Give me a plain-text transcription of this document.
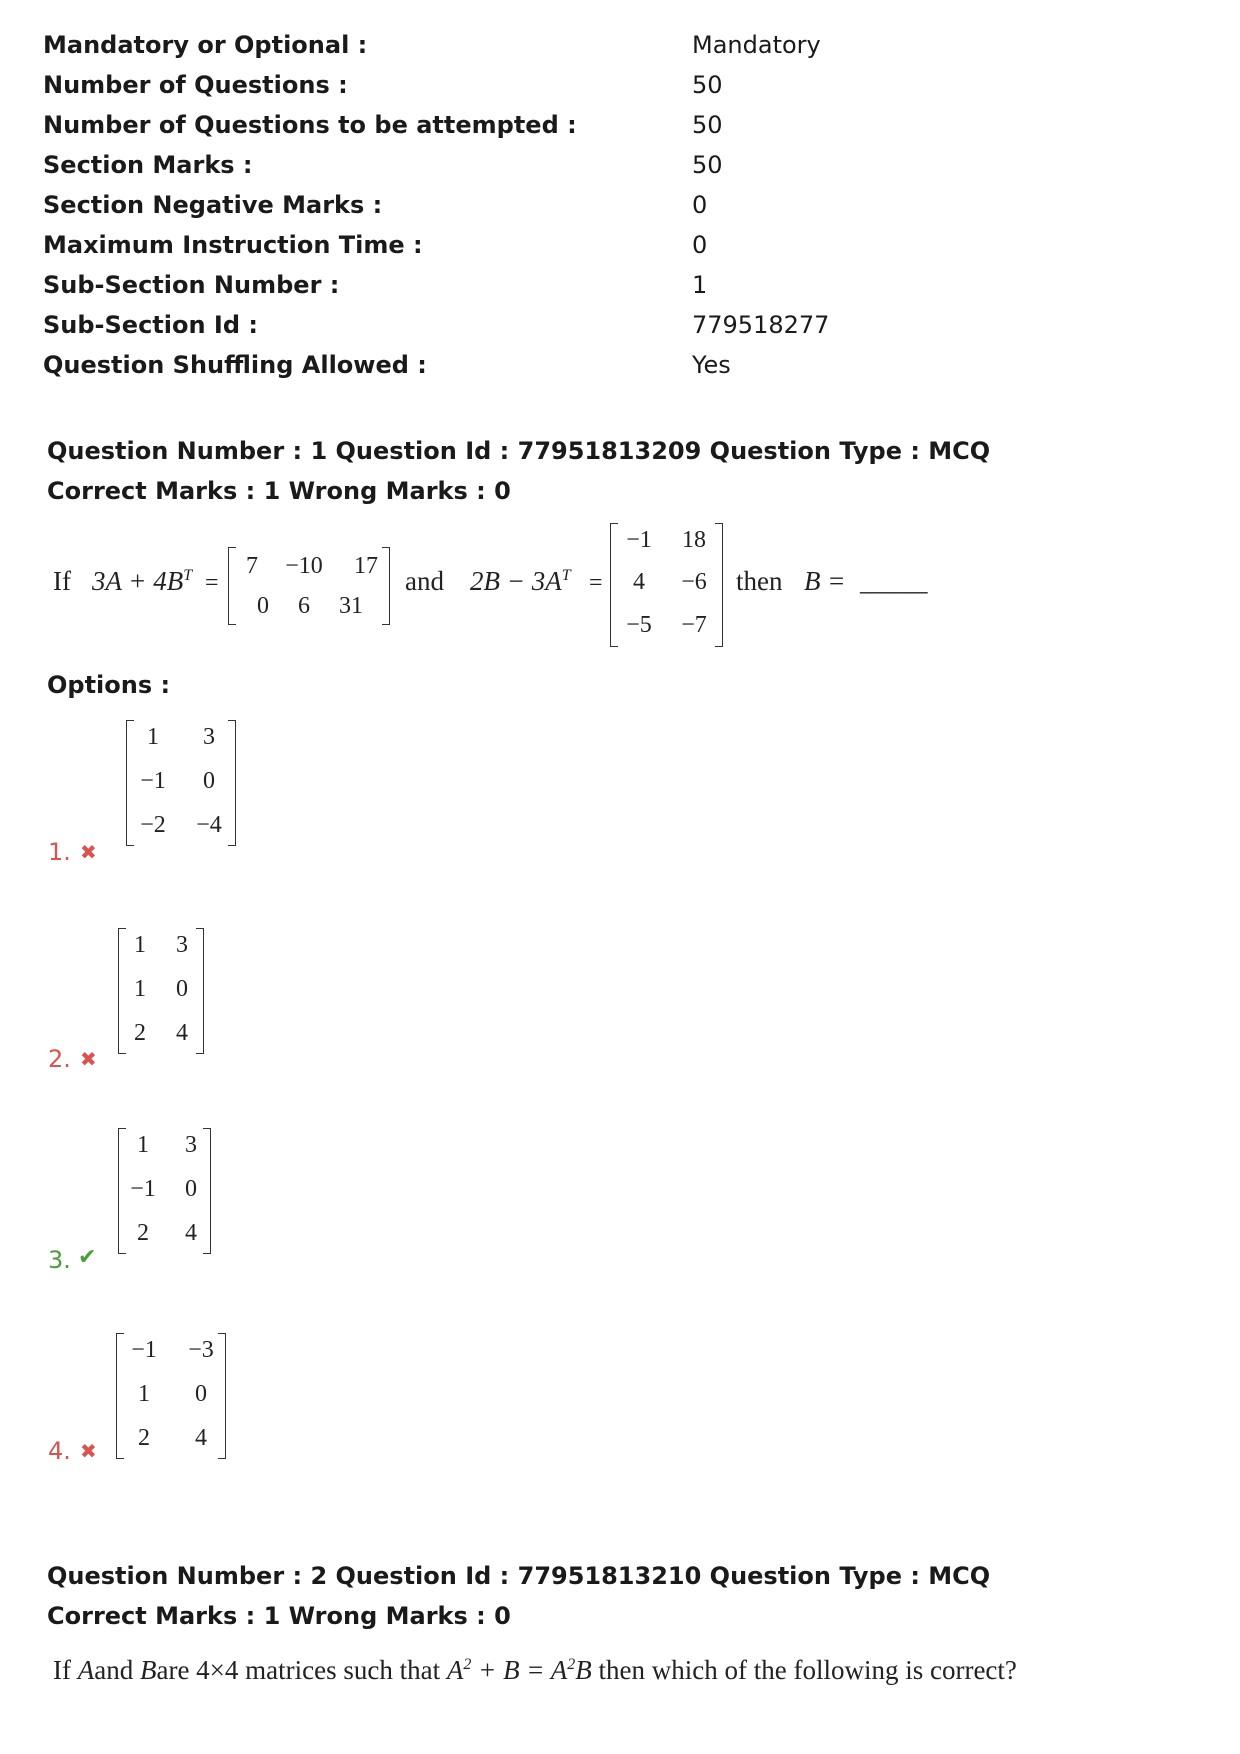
Mandatory or Optional :	Mandatory
Number of Questions :	50
Number of Questions to be attempted :	50
Section Marks :	50
Section Negative Marks :	0
Maximum Instruction Time :	0
Sub-Section Number :	1
Sub-Section Id :	779518277
Question Shuffling Allowed :	Yes
Question Number : 1 Question Id : 77951813209 Question Type : MCQ
Correct Marks : 1 Wrong Marks : 0
If $3A + 4B^T$ =
7 −10 17
0 6 31
and $2B - 3A^T$ =
−1 18
4 −6
−5 −7
then B = _____
Options :
1 3
−1 0
−2 −4
1. ✖
1 3
1 0
2 4
2. ✖
1 3
−1 0
2 4
3. ✔
−1 −3
1 0
2 4
4. ✖
Question Number : 2 Question Id : 77951813210 Question Type : MCQ
Correct Marks : 1 Wrong Marks : 0
If Aand Bare 4×4 matrices such that $A^2 + B = A^2B$ then which of the following is correct?
